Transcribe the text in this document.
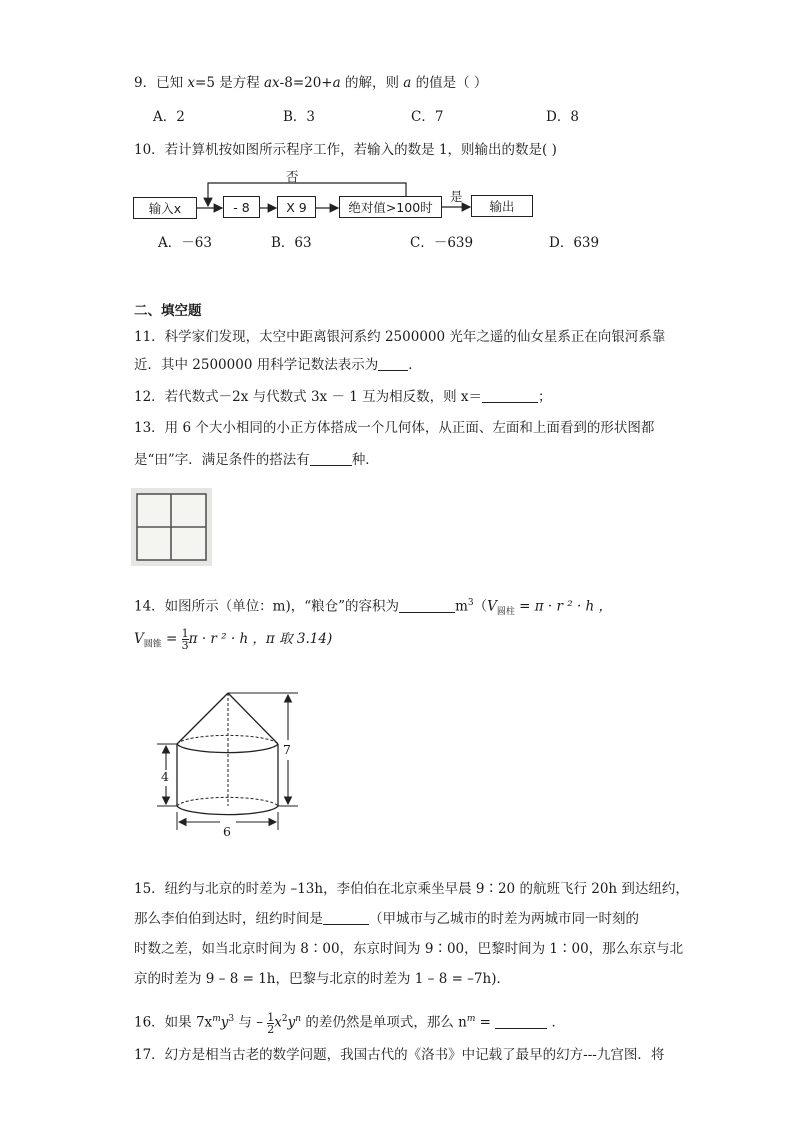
9．已知 x=5 是方程 ax-8=20+a 的解，则 a 的值是（ ）
A．2	B．3	C．7	D．8
10．若计算机按如图所示程序工作，若输入的数是 1，则输出的数是( )
输入x	- 8	X 9	绝对值>100时	输出
否
是
A．－63	B．63	C．－639	D．639
二、填空题
11．科学家们发现，太空中距离银河系约 2500000 光年之遥的仙女星系正在向银河系靠
近．其中 2500000 用科学记数法表示为 ．
12．若代数式－2x 与代数式 3x － 1 互为相反数，则 x＝	；
13．用 6 个大小相同的小正方体搭成一个几何体，从正面、左面和上面看到的形状图都
是“田”字．满足条件的搭法有	种．
14．如图所示（单位：m)，“粮仓”的容积为	$m^3(V_{圆柱} = \pi \cdot r$ ² · h ，
$V_{圆锥} = \frac{1}{3}$ π · r ² · h ，π 取 3.14)
4
7
6
15．纽约与北京的时差为 –13h，李伯伯在北京乘坐早晨 9∶20 的航班飞行 20h 到达纽约，
那么李伯伯到达时，纽约时间是	（甲城市与乙城市的时差为两城市同一时刻的
时数之差，如当北京时间为 8∶00，东京时间为 9∶00，巴黎时间为 1∶00，那么东京与北
京的时差为 9 – 8 = 1h，巴黎与北京的时差为 1 – 8 = –7h)．
16．如果 $7x^my^3$ 与 – $\frac{1}{2} x^2y^n$ 的差仍然是单项式，那么 $n^m$ =	．
17．幻方是相当古老的数学问题，我国古代的《洛书》中记载了最早的幻方---九宫图．将
